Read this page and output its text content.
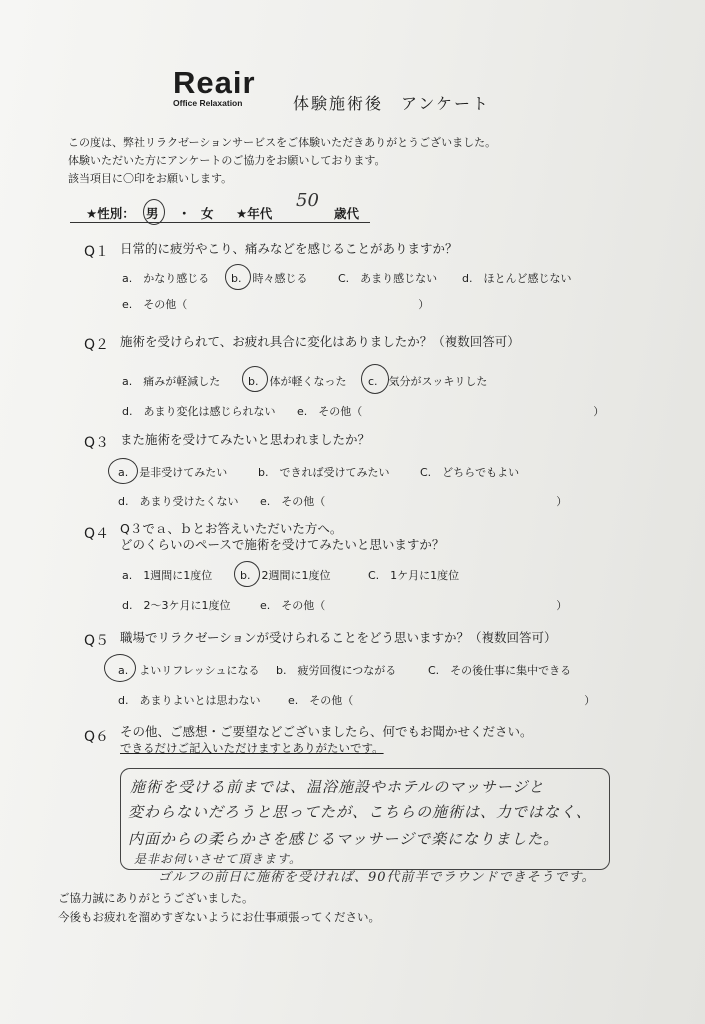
Reair
Office Relaxation	体験施術後　アンケート
この度は、弊社リラクゼーションサービスをご体験いただきありがとうございました。
体験いただいた方にアンケートのご協力をお願いしております。
該当項目に〇印をお願いします。
★性別： 男 ・ 女 ★年代
50
歳代
Q１ 日常的に疲労やこり、痛みなどを感じることがありますか？
a.　かなり感じる b.　時々感じる	C.　あまり感じない d.　ほとんど感じない
e.　その他（　　　　　　　　　　　　　　　　　　　　　）
Q２ 施術を受けられて、お疲れ具合に変化はありましたか？（複数回答可）
a.　痛みが軽減した	b.　体が軽くなった c.　気分がスッキリした
d.　あまり変化は感じられない e.　その他（　　　　　　　　　　　　　　　　　　　　　）
Q３ また施術を受けてみたいと思われましたか？
a.　是非受けてみたい	b.　できれば受けてみたい	C.　どちらでもよい
d.　あまり受けたくない e.　その他（　　　　　　　　　　　　　　　　　　　　　）
Q４ Q３でａ、ｂとお答えいただいた方へ。
どのくらいのペースで施術を受けてみたいと思いますか？
a.　1週間に1度位	b.　2週間に1度位	C.　1ケ月に1度位
d.　2～3ケ月に1度位	e.　その他（　　　　　　　　　　　　　　　　　　　　　）
Q５ 職場でリラクゼーションが受けられることをどう思いますか？（複数回答可）
a.　よいリフレッシュになる b.　疲労回復につながる	C.　その後仕事に集中できる
d.　あまりよいとは思わない	e.　その他（　　　　　　　　　　　　　　　　　　　　　）
Q６ その他、ご感想・ご要望などございましたら、何でもお聞かせください。
できるだけご記入いただけますとありがたいです。
施術を受ける前までは、温浴施設やホテルのマッサージと
変わらないだろうと思ってたが、こちらの施術は、力ではなく、
内面からの柔らかさを感じるマッサージで楽になりました。
是非お伺いさせて頂きます。
ゴルフの前日に施術を受ければ、90代前半でラウンドできそうです。
ご協力誠にありがとうございました。
今後もお疲れを溜めすぎないようにお仕事頑張ってください。
